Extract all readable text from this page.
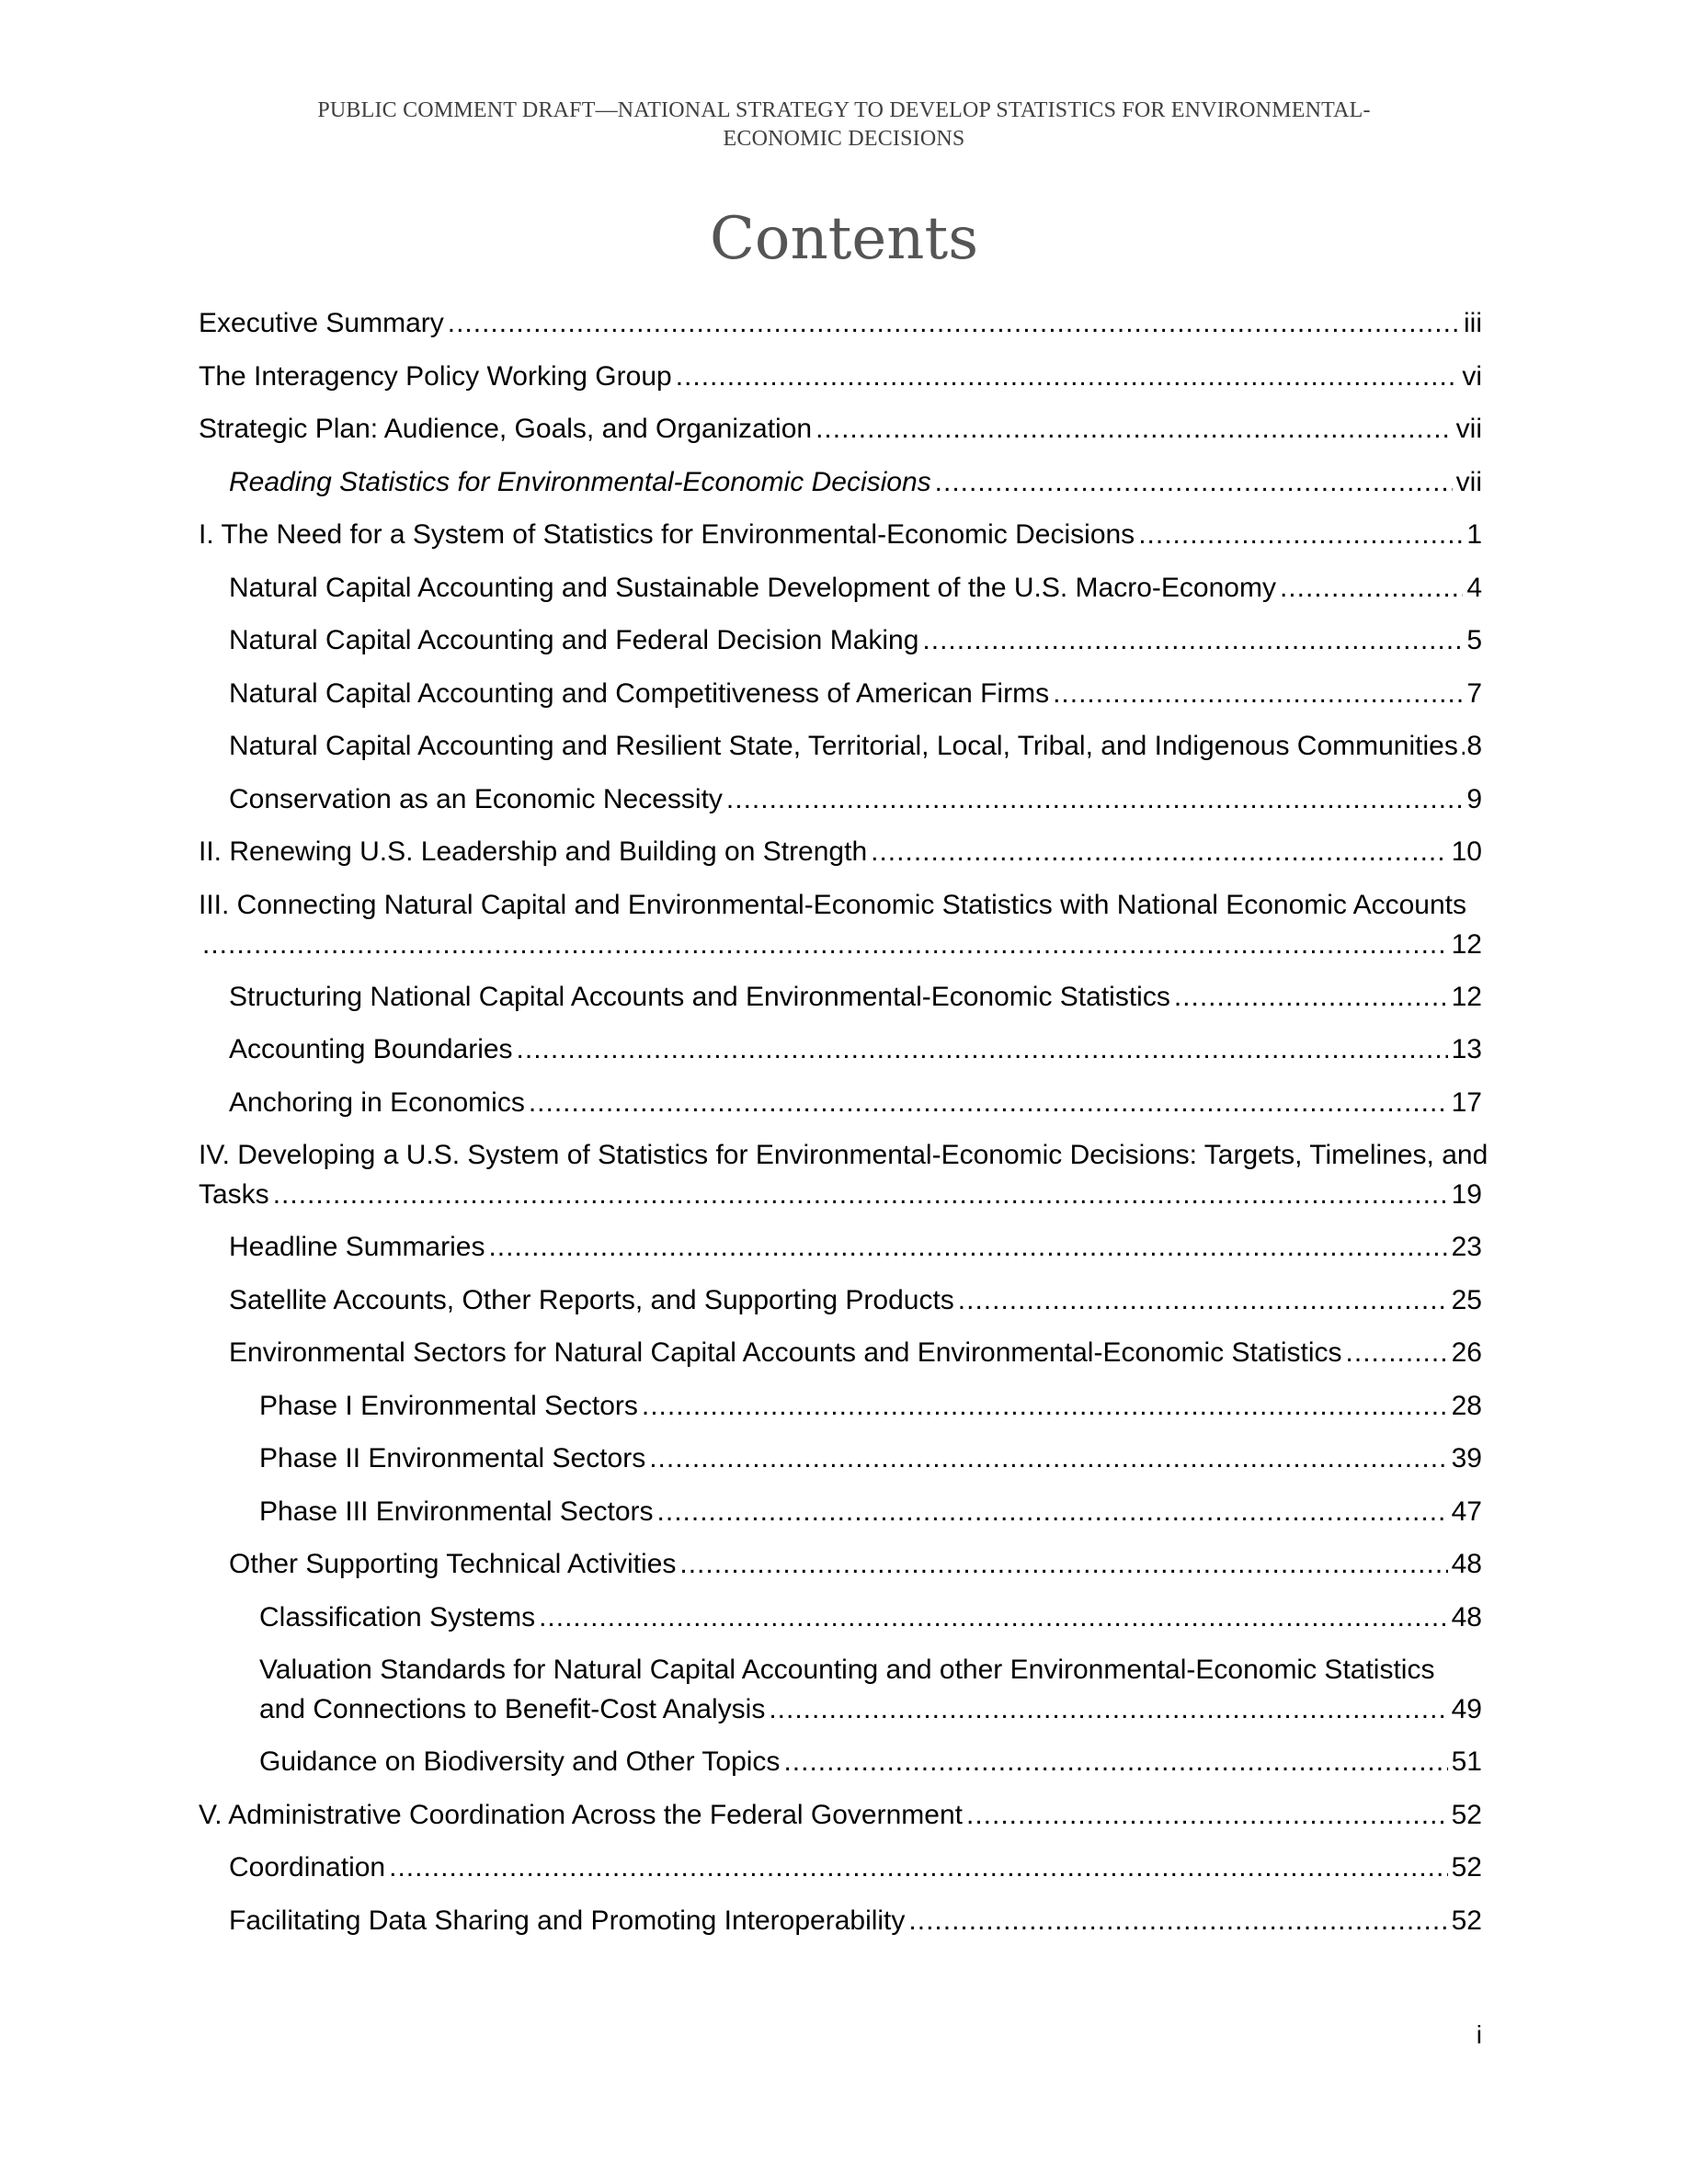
PUBLIC COMMENT DRAFT—NATIONAL STRATEGY TO DEVELOP STATISTICS FOR ENVIRONMENTAL-
ECONOMIC DECISIONS
Contents
Executive Summary .....	iii
The Interagency Policy Working Group .....	vi
Strategic Plan: Audience, Goals, and Organization .....	vii
Reading Statistics for Environmental-Economic Decisions .....	vii
I. The Need for a System of Statistics for Environmental-Economic Decisions .....	1
Natural Capital Accounting and Sustainable Development of the U.S. Macro-Economy .....	4
Natural Capital Accounting and Federal Decision Making .....	5
Natural Capital Accounting and Competitiveness of American Firms .....	7
Natural Capital Accounting and Resilient State, Territorial, Local, Tribal, and Indigenous Communities ..... 8
Conservation as an Economic Necessity .....	9
II. Renewing U.S. Leadership and Building on Strength .....	10
III. Connecting Natural Capital and Environmental-Economic Statistics with National Economic Accounts
.....
12
Structuring National Capital Accounts and Environmental-Economic Statistics .....	12
Accounting Boundaries .....	13
Anchoring in Economics .....	17
IV. Developing a U.S. System of Statistics for Environmental-Economic Decisions: Targets, Timelines, and
Tasks .....	19
Headline Summaries .....	23
Satellite Accounts, Other Reports, and Supporting Products .....	25
Environmental Sectors for Natural Capital Accounts and Environmental-Economic Statistics .....	26
Phase I Environmental Sectors .....	28
Phase II Environmental Sectors .....	39
Phase III Environmental Sectors .....	47
Other Supporting Technical Activities .....	48
Classification Systems .....	48
Valuation Standards for Natural Capital Accounting and other Environmental-Economic Statistics
and Connections to Benefit-Cost Analysis .....	49
Guidance on Biodiversity and Other Topics .....	51
V. Administrative Coordination Across the Federal Government .....	52
Coordination .....	52
Facilitating Data Sharing and Promoting Interoperability .....	52
i
